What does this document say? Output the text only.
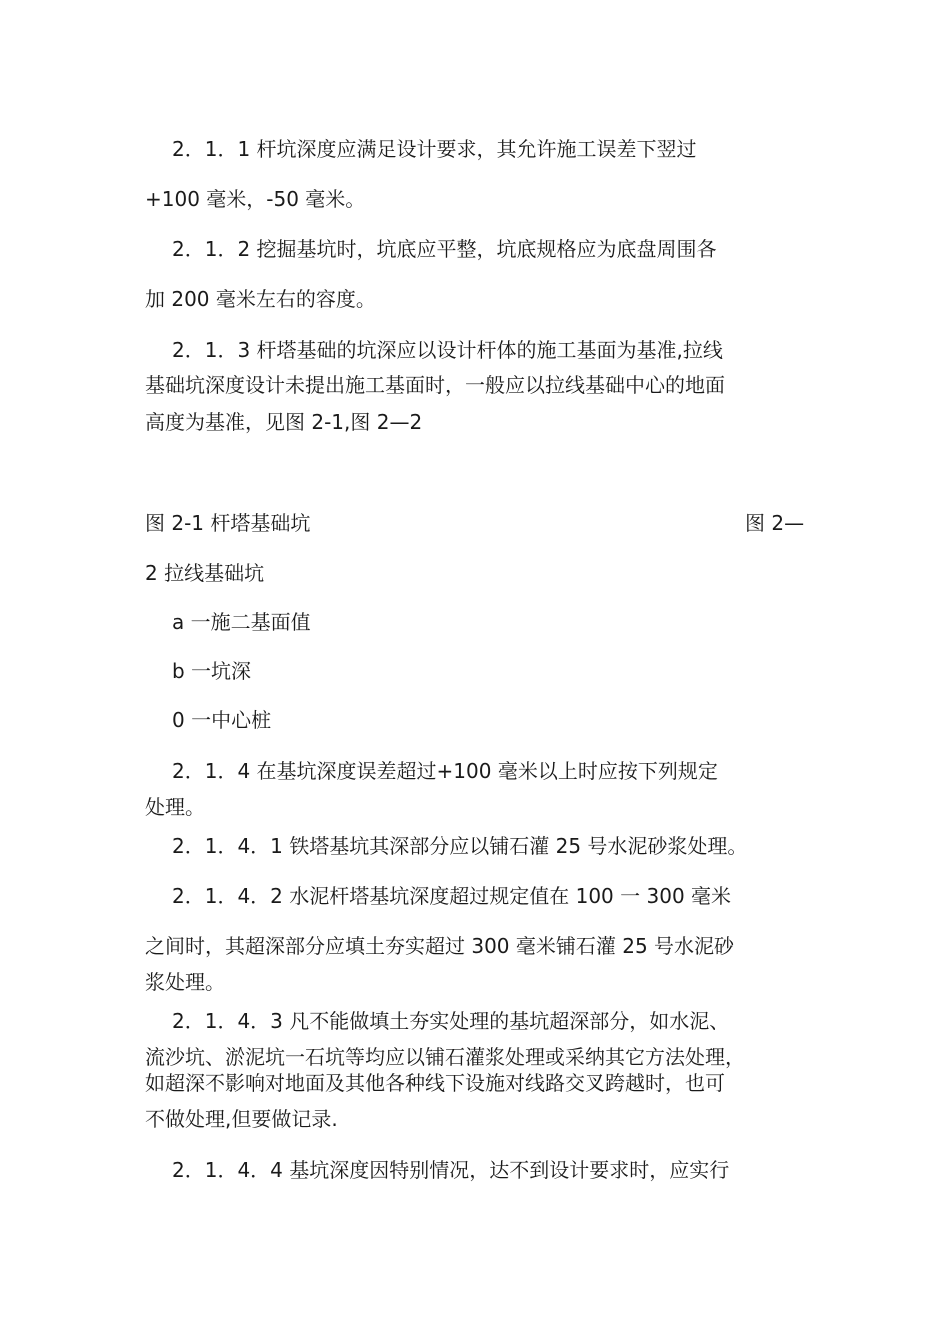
2．1．1 杆坑深度应满足设计要求，其允许施工误差下翌过

+100 毫米，-50 毫米。

2．1．2 挖掘基坑时，坑底应平整，坑底规格应为底盘周围各

加 200 毫米左右的容度。

2．1．3 杆塔基础的坑深应以设计杆体的施工基面为基准,拉线

基础坑深度设计未提出施工基面时，一般应以拉线基础中心的地面

高度为基准，见图 2-1,图 2—2

图 2-1 杆塔基础坑	图 2—

2 拉线基础坑

a 一施二基面值

b 一坑深

0 一中心桩

2．1．4 在基坑深度误差超过+100 毫米以上时应按下列规定

处理。

2．1．4．1 铁塔基坑其深部分应以铺石灌 25 号水泥砂浆处理。

2．1．4．2 水泥杆塔基坑深度超过规定值在 100 一 300 毫米

之间时，其超深部分应填土夯实超过 300 毫米铺石灌 25 号水泥砂

浆处理。

2．1．4．3 凡不能做填土夯实处理的基坑超深部分，如水泥、

流沙坑、淤泥坑一石坑等均应以铺石灌浆处理或采纳其它方法处理，

如超深不影响对地面及其他各种线下设施对线路交叉跨越时，也可

不做处理,但要做记录.

2．1．4．4 基坑深度因特别情况，达不到设计要求时，应实行
